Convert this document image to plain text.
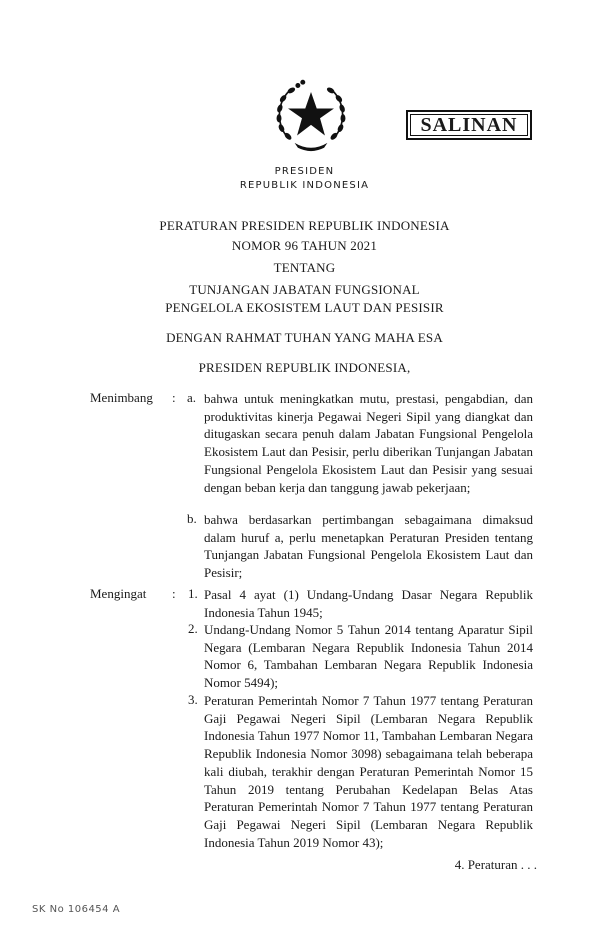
SALINAN
PRESIDEN
REPUBLIK INDONESIA
PERATURAN PRESIDEN REPUBLIK INDONESIA
NOMOR 96 TAHUN 2021
TENTANG
TUNJANGAN JABATAN FUNGSIONAL
PENGELOLA EKOSISTEM LAUT DAN PESISIR
DENGAN RAHMAT TUHAN YANG MAHA ESA
PRESIDEN REPUBLIK INDONESIA,
Menimbang : a. bahwa untuk meningkatkan mutu, prestasi, pengabdian, dan produktivitas kinerja Pegawai Negeri Sipil yang diangkat dan ditugaskan secara penuh dalam Jabatan Fungsional Pengelola Ekosistem Laut dan Pesisir, perlu diberikan Tunjangan Jabatan Fungsional Pengelola Ekosistem Laut dan Pesisir yang sesuai dengan beban kerja dan tanggung jawab pekerjaan;
b. bahwa berdasarkan pertimbangan sebagaimana dimaksud dalam huruf a, perlu menetapkan Peraturan Presiden tentang Tunjangan Jabatan Fungsional Pengelola Ekosistem Laut dan Pesisir;
Mengingat : 1. Pasal 4 ayat (1) Undang-Undang Dasar Negara Republik Indonesia Tahun 1945;
2. Undang-Undang Nomor 5 Tahun 2014 tentang Aparatur Sipil Negara (Lembaran Negara Republik Indonesia Tahun 2014 Nomor 6, Tambahan Lembaran Negara Republik Indonesia Nomor 5494);
3. Peraturan Pemerintah Nomor 7 Tahun 1977 tentang Peraturan Gaji Pegawai Negeri Sipil (Lembaran Negara Republik Indonesia Tahun 1977 Nomor 11, Tambahan Lembaran Negara Republik Indonesia Nomor 3098) sebagaimana telah beberapa kali diubah, terakhir dengan Peraturan Pemerintah Nomor 15 Tahun 2019 tentang Perubahan Kedelapan Belas Atas Peraturan Pemerintah Nomor 7 Tahun 1977 tentang Peraturan Gaji Pegawai Negeri Sipil (Lembaran Negara Republik Indonesia Tahun 2019 Nomor 43);
4. Peraturan . . .
SK No 106454 A
